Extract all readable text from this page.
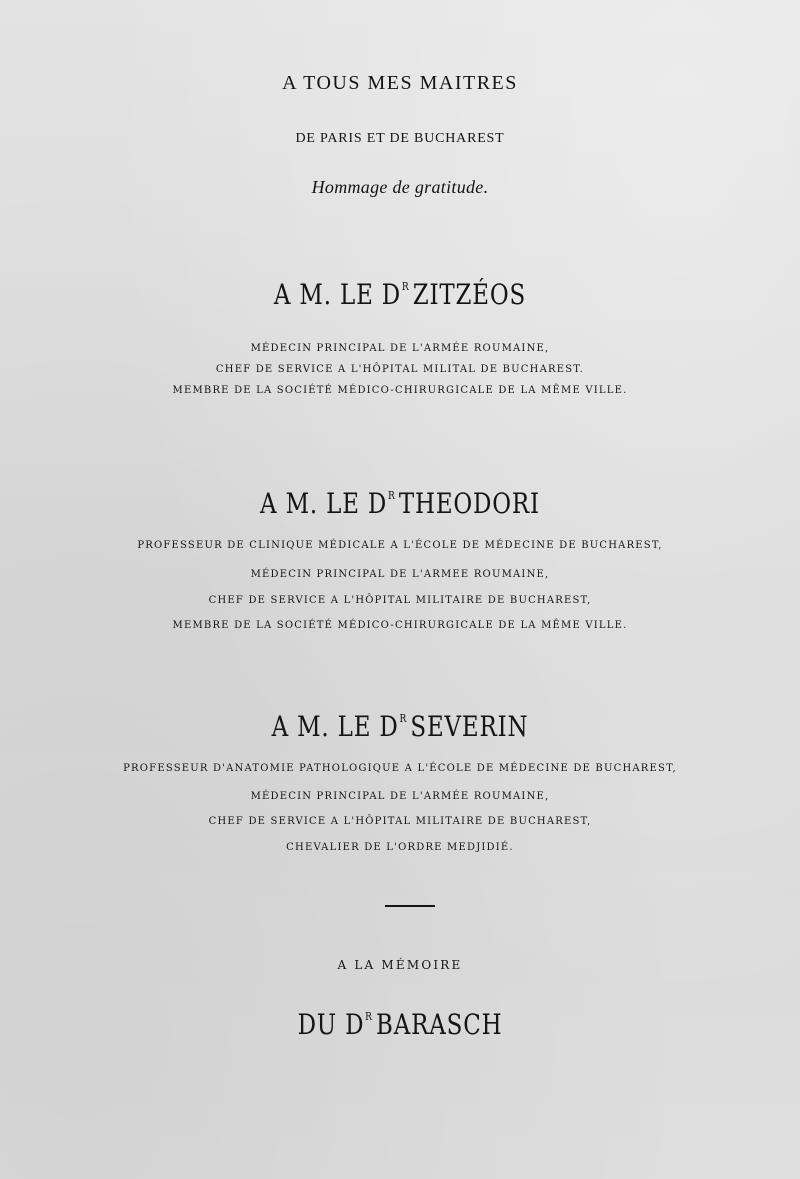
A TOUS MES MAITRES
DE PARIS ET DE BUCHAREST
Hommage de gratitude.
A M. LE $D^R$ ZITZÉOS
MÉDECIN PRINCIPAL DE L'ARMÉE ROUMAINE,
CHEF DE SERVICE A L'HÔPITAL MILITAL DE BUCHAREST.
MEMBRE DE LA SOCIÉTÉ MÉDICO-CHIRURGICALE DE LA MÊME VILLE.
A M. LE $D^R$ THEODORI
PROFESSEUR DE CLINIQUE MÉDICALE A L'ÉCOLE DE MÉDECINE DE BUCHAREST,
MÉDECIN PRINCIPAL DE L'ARMEE ROUMAINE,
CHEF DE SERVICE A L'HÔPITAL MILITAIRE DE BUCHAREST,
MEMBRE DE LA SOCIÉTÉ MÉDICO-CHIRURGICALE DE LA MÊME VILLE.
A M. LE $D^R$ SEVERIN
PROFESSEUR D'ANATOMIE PATHOLOGIQUE A L'ÉCOLE DE MÉDECINE DE BUCHAREST,
MÉDECIN PRINCIPAL DE L'ARMÉE ROUMAINE,
CHEF DE SERVICE A L'HÔPITAL MILITAIRE DE BUCHAREST,
CHEVALIER DE L'ORDRE MEDJIDIÉ.
A LA MÉMOIRE
DU $D^R$ BARASCH
